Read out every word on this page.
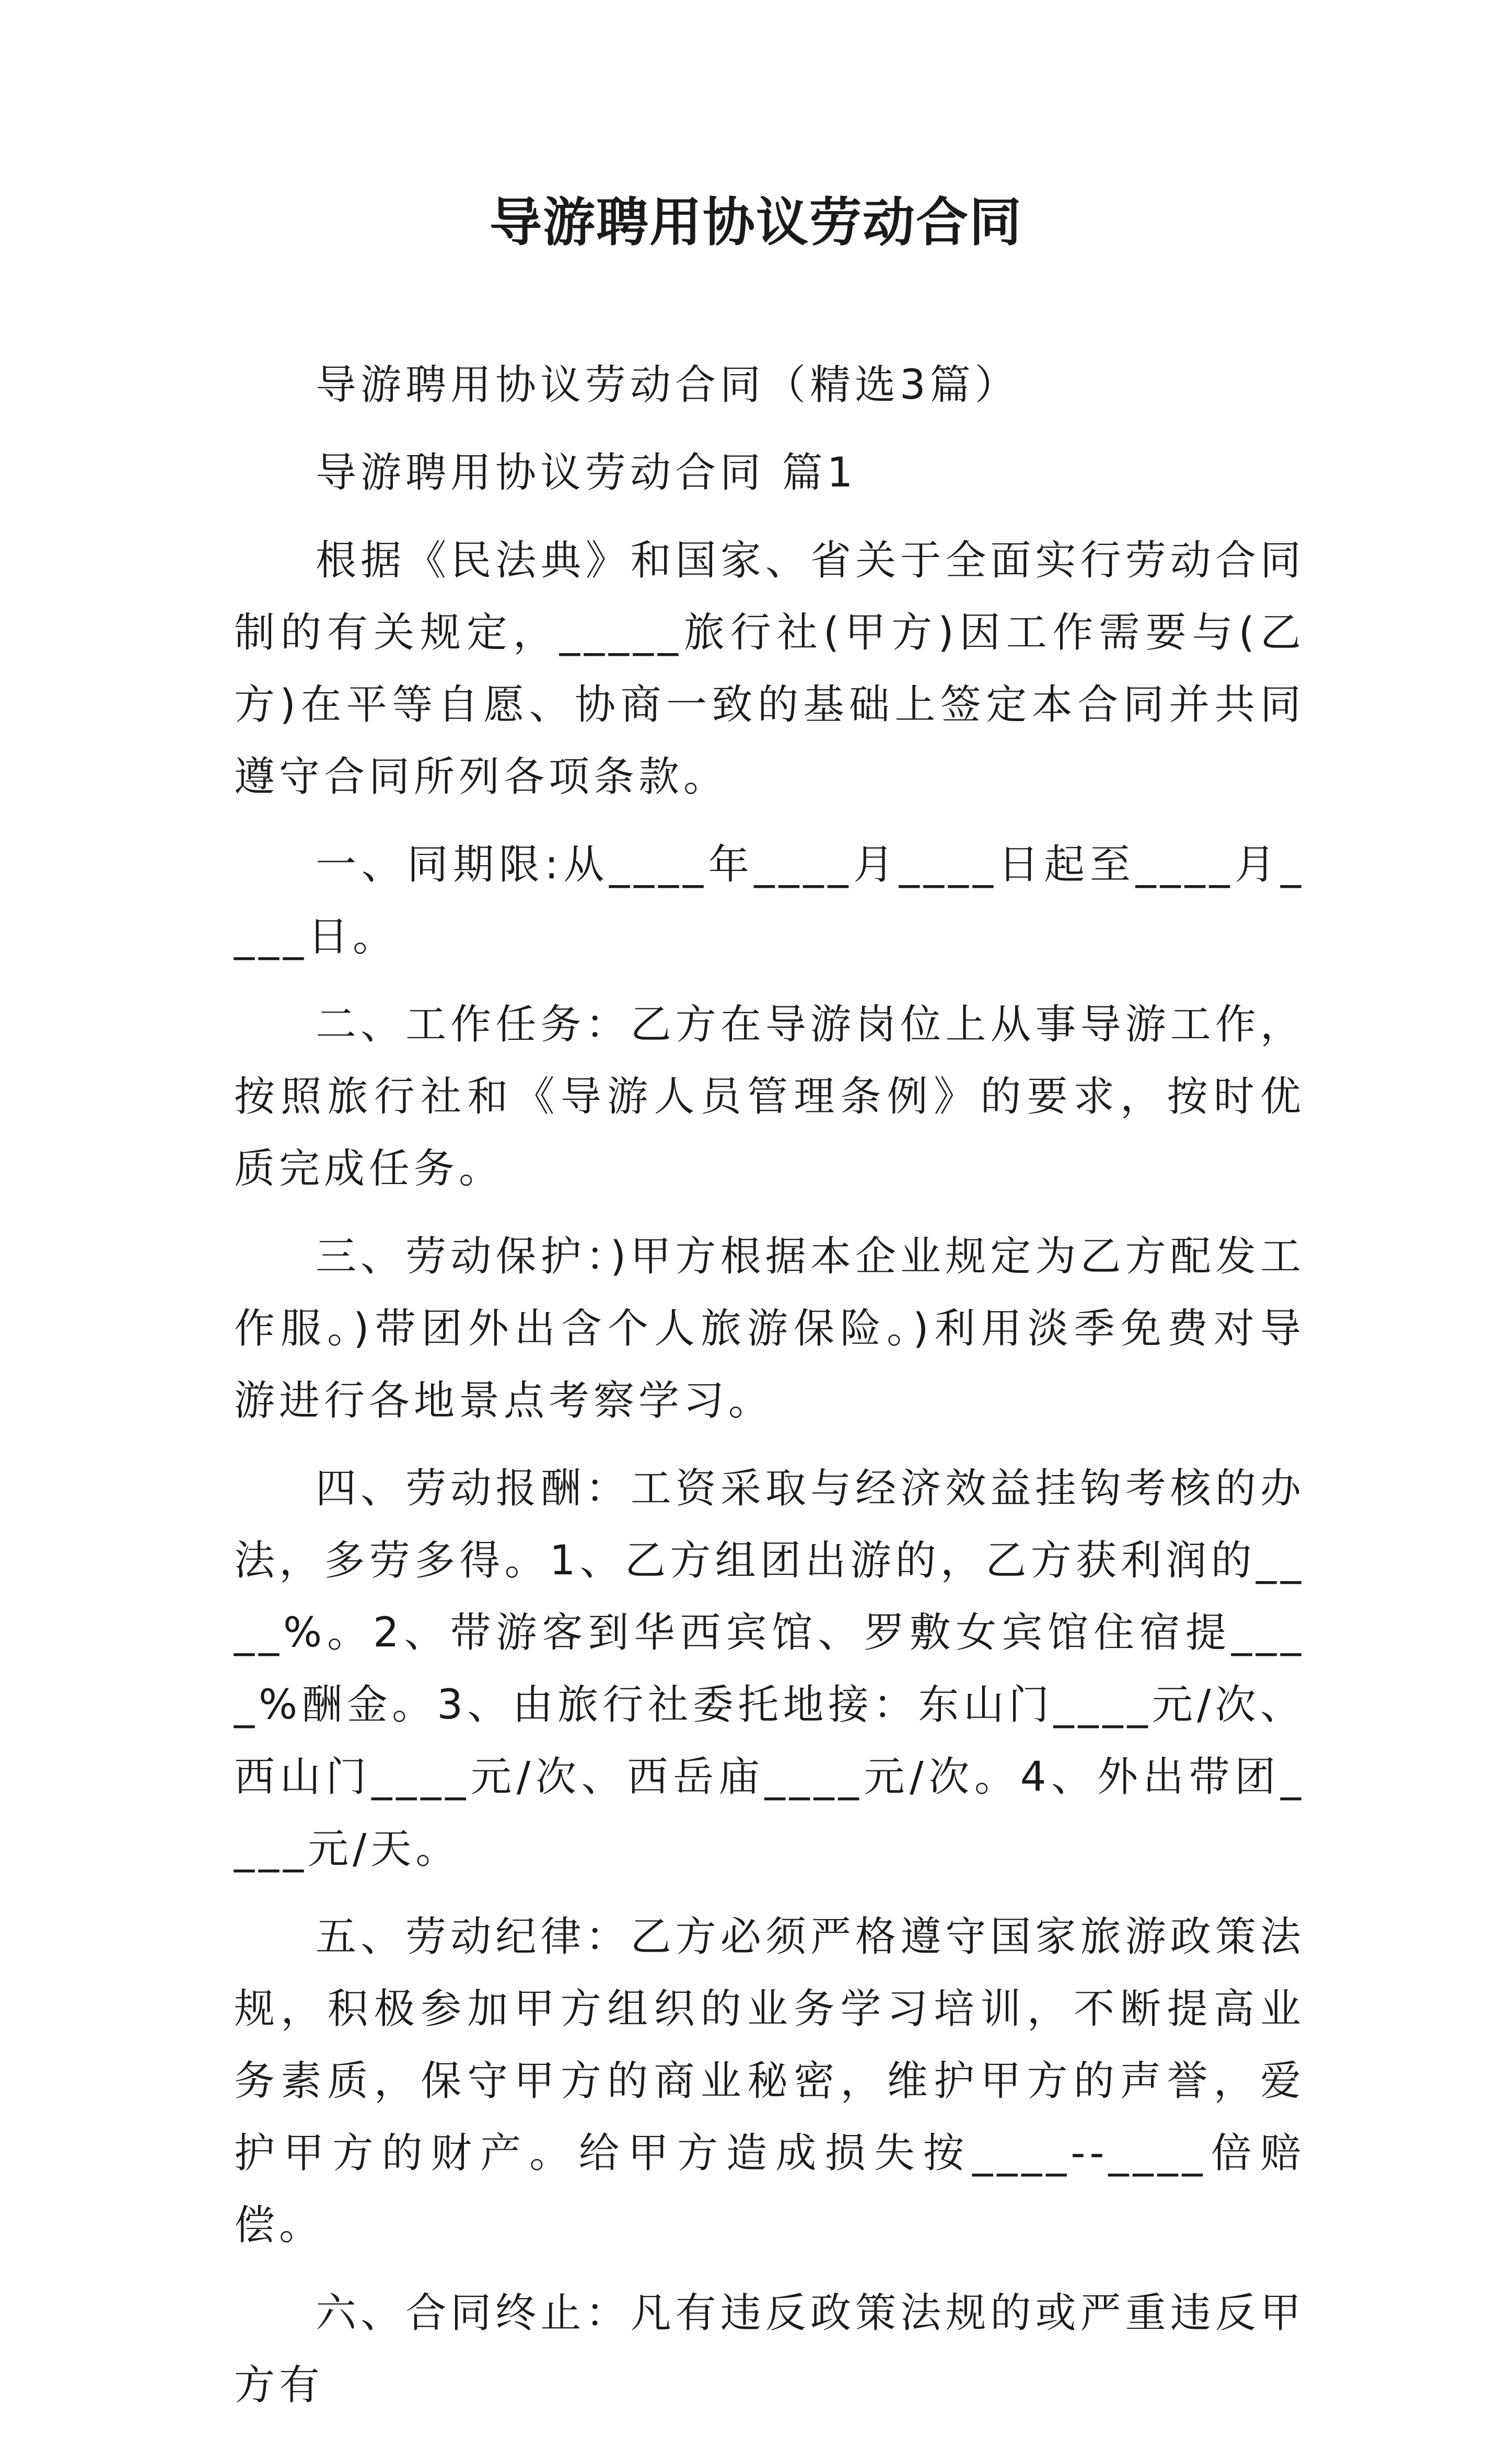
导游聘用协议劳动合同

导游聘用协议劳动合同（精选3篇）

导游聘用协议劳动合同 篇1

根据《民法典》和国家、省关于全面实行劳动合同制的有关规定，_____旅行社(甲方)因工作需要与(乙方)在平等自愿、协商一致的基础上签定本合同并共同遵守合同所列各项条款。

一、同期限:从____年____月____日起至____月____日。

二、工作任务：乙方在导游岗位上从事导游工作，按照旅行社和《导游人员管理条例》的要求，按时优质完成任务。

三、劳动保护：)甲方根据本企业规定为乙方配发工作服。)带团外出含个人旅游保险。)利用淡季免费对导游进行各地景点考察学习。

四、劳动报酬：工资采取与经济效益挂钩考核的办法，多劳多得。1、乙方组团出游的，乙方获利润的____%。2、带游客到华西宾馆、罗敷女宾馆住宿提____%酬金。3、由旅行社委托地接：东山门____元/次、西山门____元/次、西岳庙____元/次。4、外出带团____元/天。

五、劳动纪律：乙方必须严格遵守国家旅游政策法规，积极参加甲方组织的业务学习培训，不断提高业务素质，保守甲方的商业秘密，维护甲方的声誉，爱护甲方的财产。给甲方造成损失按____--____倍赔偿。

六、合同终止：凡有违反政策法规的或严重违反甲方有
